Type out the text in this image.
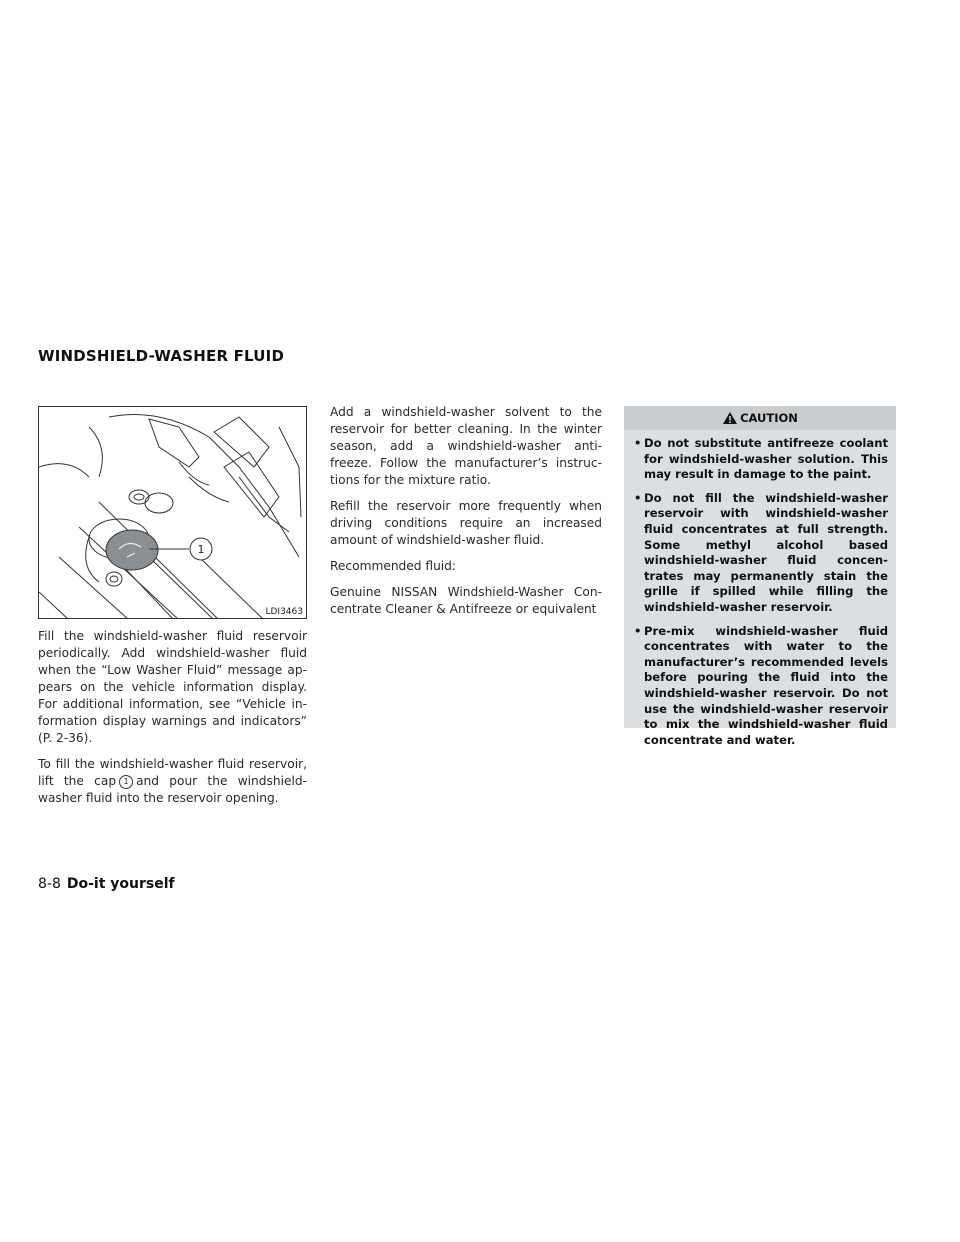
WINDSHIELD-WASHER FLUID
1
LDI3463

Fill the windshield-washer fluid reservoir periodically. Add windshield-washer fluid when the “Low Washer Fluid” message ap-pears on the vehicle information display. For additional information, see “Vehicle in-formation display warnings and indicators” (P. 2-36).

To fill the windshield-washer fluid reservoir, lift the cap 1 and pour the windshield-washer fluid into the reservoir opening.

Add a windshield-washer solvent to the reservoir for better cleaning. In the winter season, add a windshield-washer anti-freeze. Follow the manufacturer’s instruc-tions for the mixture ratio.

Refill the reservoir more frequently when driving conditions require an increased amount of windshield-washer fluid.

Recommended fluid:

Genuine NISSAN Windshield-Washer Con-centrate Cleaner & Antifreeze or equivalent

CAUTION
• Do not substitute antifreeze coolant for windshield-washer solution. This may result in damage to the paint.
• Do not fill the windshield-washer reservoir with windshield-washer fluid concentrates at full strength. Some methyl alcohol based windshield-washer fluid concen-trates may permanently stain the grille if spilled while filling the windshield-washer reservoir.
• Pre-mix windshield-washer fluid concentrates with water to the manufacturer’s recommended levels before pouring the fluid into the windshield-washer reservoir. Do not use the windshield-washer reservoir to mix the windshield-washer fluid concentrate and water.
8-8 Do-it yourself
